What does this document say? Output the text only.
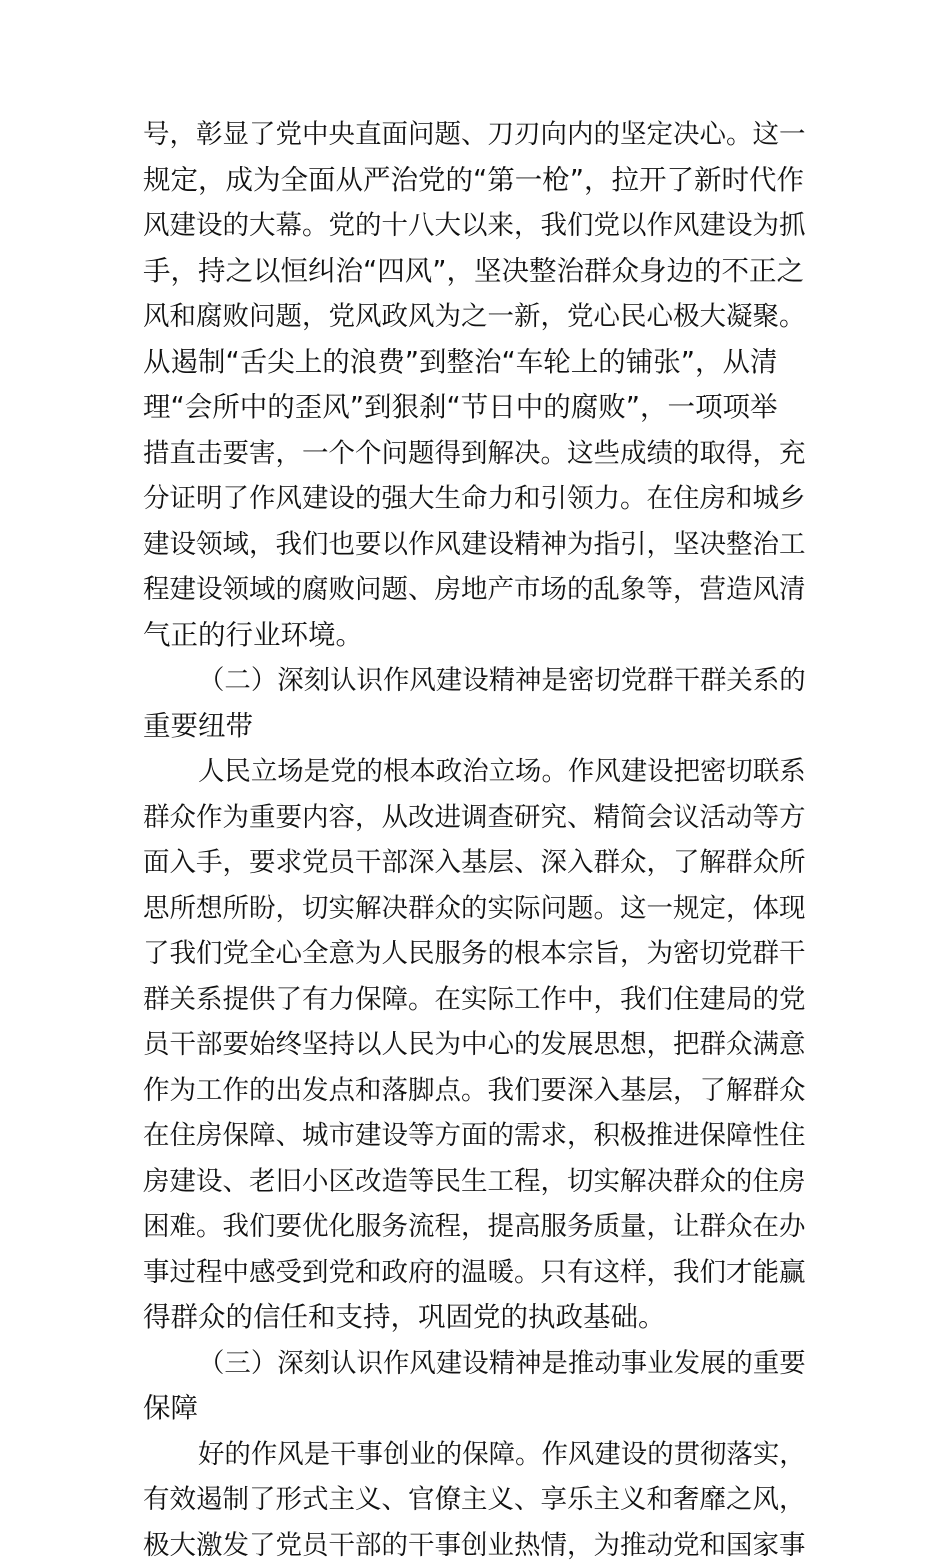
号，彰显了党中央直面问题、刀刃向内的坚定决心。这一
规定，成为全面从严治党的“第一枪”，拉开了新时代作
风建设的大幕。党的十八大以来，我们党以作风建设为抓
手，持之以恒纠治“四风”，坚决整治群众身边的不正之
风和腐败问题，党风政风为之一新，党心民心极大凝聚。
从遏制“舌尖上的浪费”到整治“车轮上的铺张”，从清
理“会所中的歪风”到狠刹“节日中的腐败”，一项项举
措直击要害，一个个问题得到解决。这些成绩的取得，充
分证明了作风建设的强大生命力和引领力。在住房和城乡
建设领域，我们也要以作风建设精神为指引，坚决整治工
程建设领域的腐败问题、房地产市场的乱象等，营造风清
气正的行业环境。
（二）深刻认识作风建设精神是密切党群干群关系的
重要纽带
人民立场是党的根本政治立场。作风建设把密切联系
群众作为重要内容，从改进调查研究、精简会议活动等方
面入手，要求党员干部深入基层、深入群众，了解群众所
思所想所盼，切实解决群众的实际问题。这一规定，体现
了我们党全心全意为人民服务的根本宗旨，为密切党群干
群关系提供了有力保障。在实际工作中，我们住建局的党
员干部要始终坚持以人民为中心的发展思想，把群众满意
作为工作的出发点和落脚点。我们要深入基层，了解群众
在住房保障、城市建设等方面的需求，积极推进保障性住
房建设、老旧小区改造等民生工程，切实解决群众的住房
困难。我们要优化服务流程，提高服务质量，让群众在办
事过程中感受到党和政府的温暖。只有这样，我们才能赢
得群众的信任和支持，巩固党的执政基础。
（三）深刻认识作风建设精神是推动事业发展的重要
保障
好的作风是干事创业的保障。作风建设的贯彻落实，
有效遏制了形式主义、官僚主义、享乐主义和奢靡之风，
极大激发了党员干部的干事创业热情，为推动党和国家事
